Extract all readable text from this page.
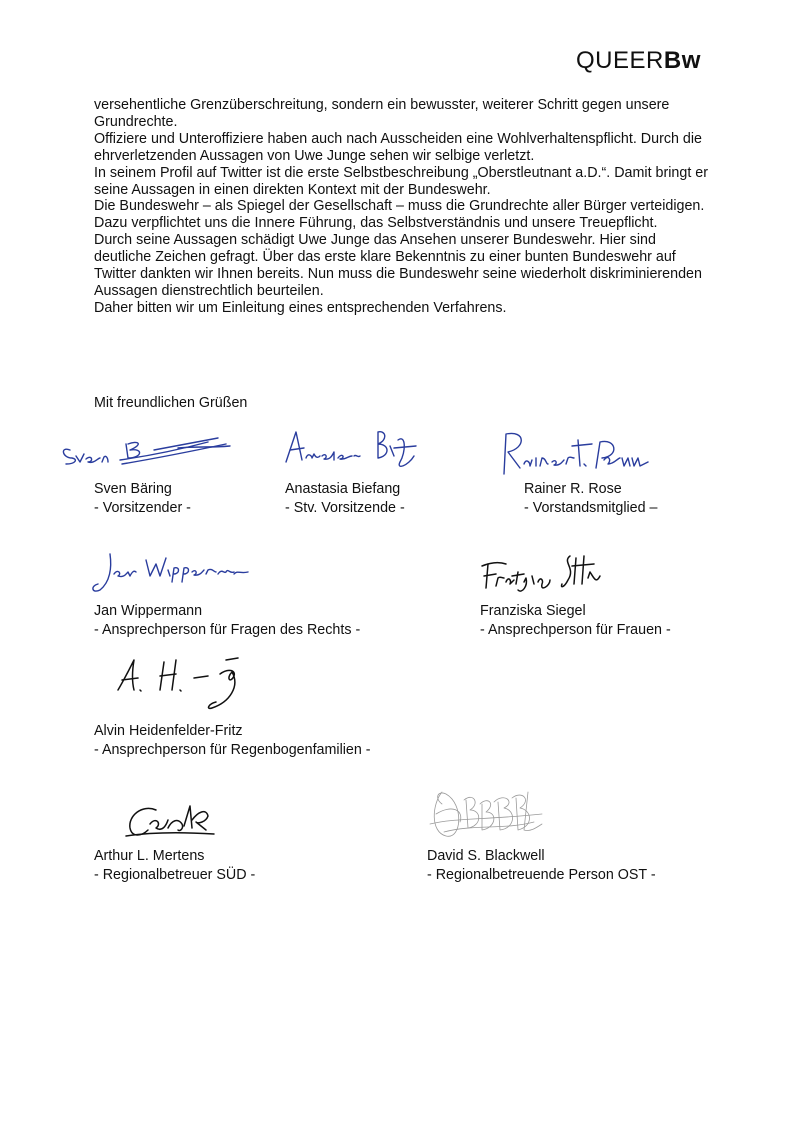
QUEERBw

versehentliche Grenzüberschreitung, sondern ein bewusster, weiterer Schritt gegen unsere Grundrechte.

Offiziere und Unteroffiziere haben auch nach Ausscheiden eine Wohlverhaltenspflicht. Durch die ehrverletzenden Aussagen von Uwe Junge sehen wir selbige verletzt.

In seinem Profil auf Twitter ist die erste Selbstbeschreibung „Oberstleutnant a.D.“. Damit bringt er seine Aussagen in einen direkten Kontext mit der Bundeswehr.

Die Bundeswehr – als Spiegel der Gesellschaft – muss die Grundrechte aller Bürger verteidigen. Dazu verpflichtet uns die Innere Führung, das Selbstverständnis und unsere Treuepflicht.

Durch seine Aussagen schädigt Uwe Junge das Ansehen unserer Bundeswehr. Hier sind deutliche Zeichen gefragt. Über das erste klare Bekenntnis zu einer bunten Bundeswehr auf Twitter dankten wir Ihnen bereits. Nun muss die Bundeswehr seine wiederholt diskriminierenden Aussagen dienstrechtlich beurteilen.

Daher bitten wir um Einleitung eines entsprechenden Verfahrens.

Mit freundlichen Grüßen
Sven Bäring
- Vorsitzender -
Anastasia Biefang
- Stv. Vorsitzende -
Rainer R. Rose
- Vorstandsmitglied –
Jan Wippermann
- Ansprechperson für Fragen des Rechts -
Franziska Siegel
- Ansprechperson für Frauen -
Alvin Heidenfelder-Fritz
- Ansprechperson für Regenbogenfamilien -
Arthur L. Mertens
- Regionalbetreuer SÜD -
David S. Blackwell
- Regionalbetreuende Person OST -
